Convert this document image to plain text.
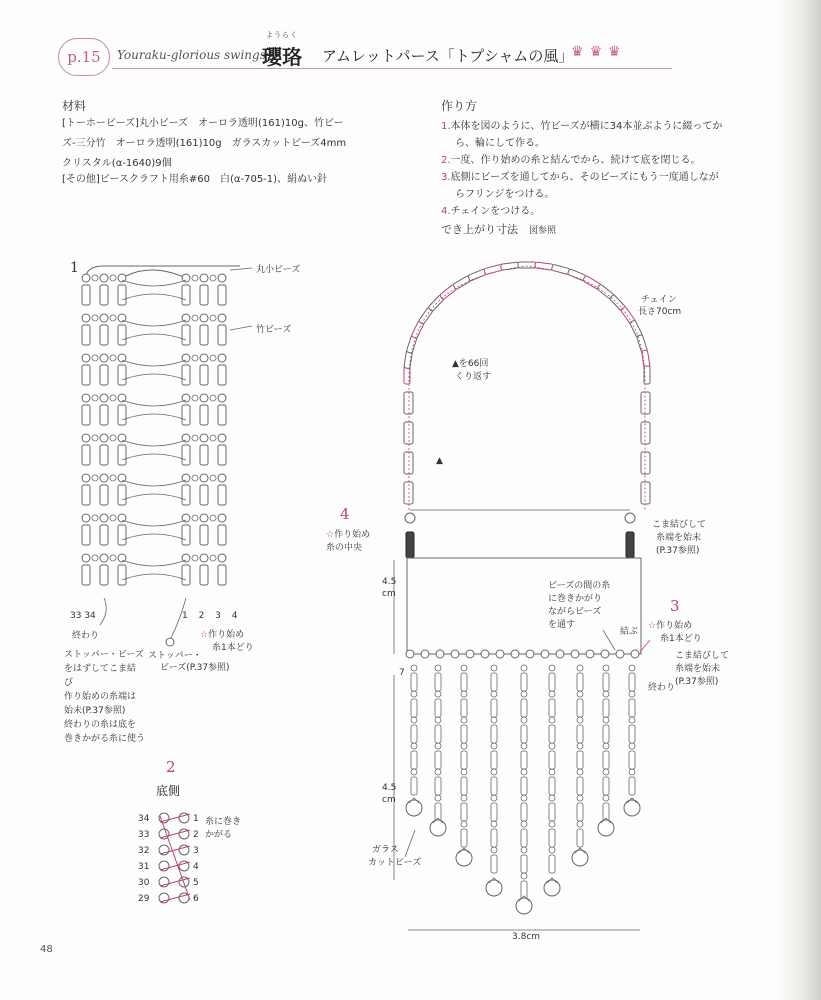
p.15	Youraku-glorious swings
ようらく
瓔珞 アムレットパース「トプシャムの風」
♛♛♛
材料
[トーホービーズ]丸小ビーズ　オーロラ透明(161)10g、竹ビー
ズ-三分竹　オーロラ透明(161)10g　ガラスカットビーズ4mm
クリスタル(α-1640)9個
[その他]ビースクラフト用糸#60　白(α-705-1)、絹ぬい針
作り方
1.本体を図のように、竹ビーズが横に34本並ぶように綴ってか
ら、輪にして作る。
2.一度、作り始めの糸と結んでから、続けて底を閉じる。
3.底側にビーズを通してから、そのビーズにもう一度通しなが
らフリンジをつける。
4.チェインをつける。
でき上がり寸法　 図参照
1	丸小ビーズ
竹ビーズ
33 34	1 2 3 4
終わり
ストッパー・
ビーズ(P.37参照)
☆作り始め
糸1本どり
ストッパー・ビーズ
をはずしてこま結
び
作り始めの糸端は
始末(P.37参照)
終わりの糸は底を
巻きかがる糸に使う
2
底側
糸に巻き
かがる
34
33
32
31
30
29
1
2
3
4
5
6
チェイン
長さ70cm
▲を66回
くり返す
▲
4
☆作り始め
糸の中央
こま結びして
糸端を始末
(P.37参照)
ビーズの間の糸
に巻きかがり
ながらビーズ
を通す
結ぶ
3
☆作り始め
糸1本どり
こま結びして
糸端を始末
(P.37参照)
終わり
4.5
cm
4.5
cm
7
ガラス
カットビーズ
3.8cm
48
